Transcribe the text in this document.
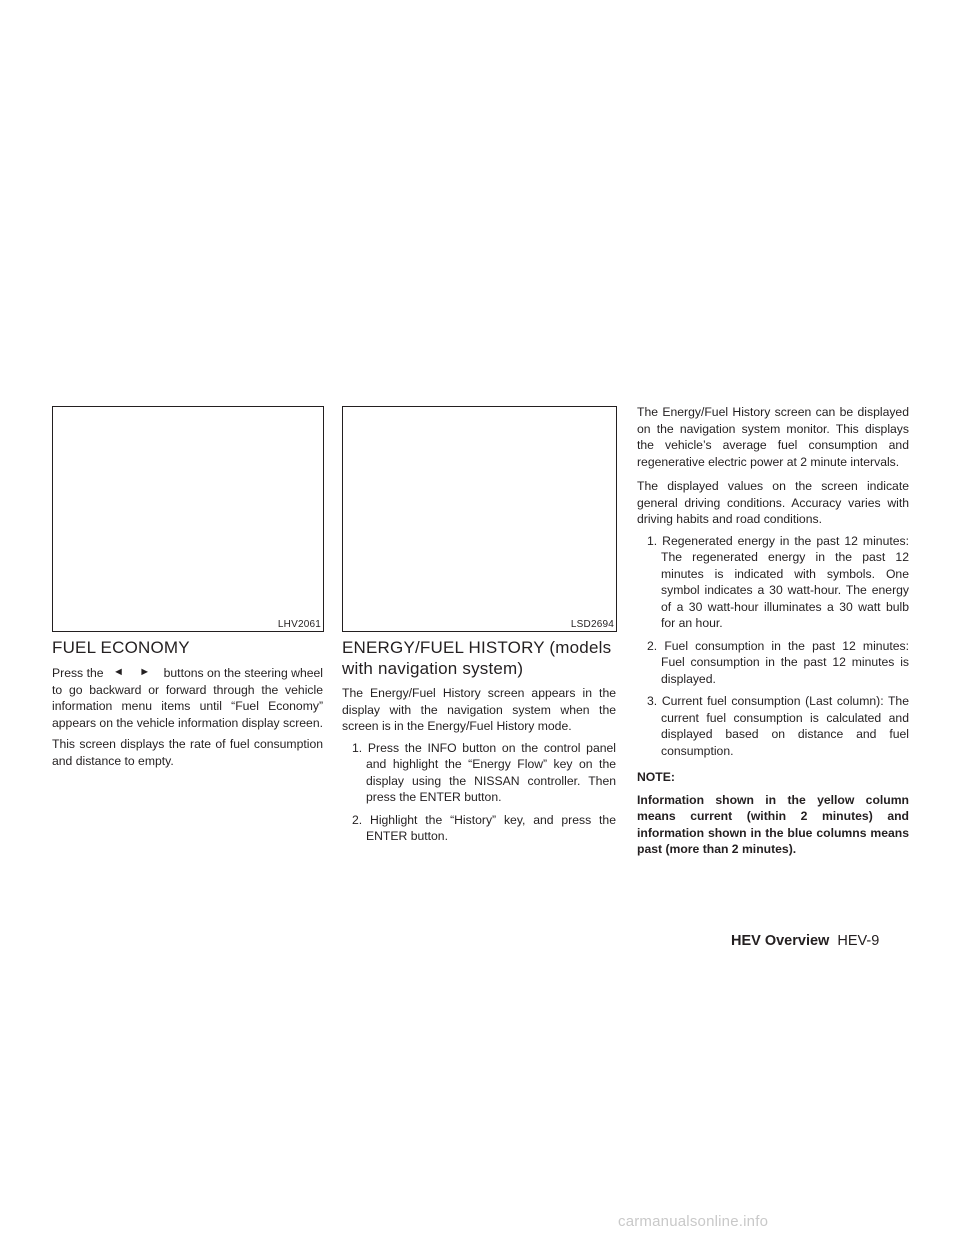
LHV2061	LSD2694
FUEL ECONOMY

Press the ◄ ► buttons on the steering wheel to go backward or forward through the vehicle information menu items until “Fuel Economy” appears on the vehicle information display screen.

This screen displays the rate of fuel consumption and distance to empty.

ENERGY/FUEL HISTORY (models with navigation system)

The Energy/Fuel History screen appears in the display with the navigation system when the screen is in the Energy/Fuel History mode.

1. Press the INFO button on the control panel and highlight the “Energy Flow” key on the display using the NISSAN controller. Then press the ENTER button.
2. Highlight the “History” key, and press the ENTER button.

The Energy/Fuel History screen can be displayed on the navigation system monitor. This displays the vehicle’s average fuel consumption and regenerative electric power at 2 minute intervals.

The displayed values on the screen indicate general driving conditions. Accuracy varies with driving habits and road conditions.

1. Regenerated energy in the past 12 minutes: The regenerated energy in the past 12 minutes is indicated with symbols. One symbol indicates a 30 watt-hour. The energy of a 30 watt-hour illuminates a 30 watt bulb for an hour.
2. Fuel consumption in the past 12 minutes: Fuel consumption in the past 12 minutes is displayed.
3. Current fuel consumption (Last column): The current fuel consumption is calculated and displayed based on distance and fuel consumption.
NOTE:
Information shown in the yellow column means current (within 2 minutes) and information shown in the blue columns means past (more than 2 minutes).
HEV Overview HEV-9
carmanualsonline.info
